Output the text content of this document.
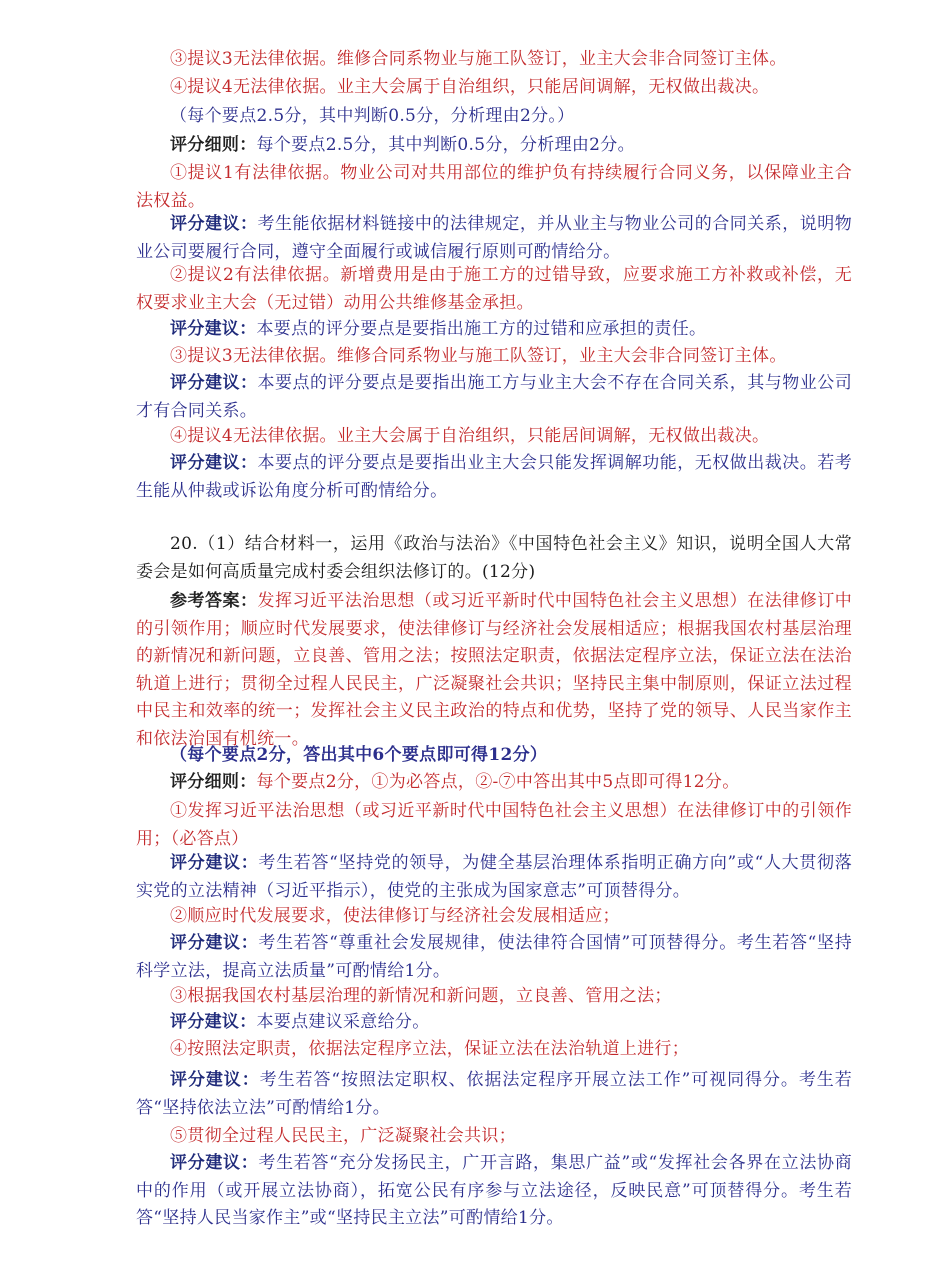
③提议3无法律依据。维修合同系物业与施工队签订，业主大会非合同签订主体。

④提议4无法律依据。业主大会属于自治组织，只能居间调解，无权做出裁决。

（每个要点2.5分，其中判断0.5分，分析理由2分。）

评分细则：每个要点2.5分，其中判断0.5分，分析理由2分。

①提议1有法律依据。物业公司对共用部位的维护负有持续履行合同义务，以保障业主合法权益。

评分建议：考生能依据材料链接中的法律规定，并从业主与物业公司的合同关系，说明物业公司要履行合同，遵守全面履行或诚信履行原则可酌情给分。

②提议2有法律依据。新增费用是由于施工方的过错导致，应要求施工方补救或补偿，无权要求业主大会（无过错）动用公共维修基金承担。

评分建议：本要点的评分要点是要指出施工方的过错和应承担的责任。

③提议3无法律依据。维修合同系物业与施工队签订，业主大会非合同签订主体。

评分建议：本要点的评分要点是要指出施工方与业主大会不存在合同关系，其与物业公司才有合同关系。

④提议4无法律依据。业主大会属于自治组织，只能居间调解，无权做出裁决。

评分建议：本要点的评分要点是要指出业主大会只能发挥调解功能，无权做出裁决。若考生能从仲裁或诉讼角度分析可酌情给分。

20.（1）结合材料一，运用《政治与法治》《中国特色社会主义》知识，说明全国人大常委会是如何高质量完成村委会组织法修订的。(12分)

参考答案：发挥习近平法治思想（或习近平新时代中国特色社会主义思想）在法律修订中的引领作用；顺应时代发展要求，使法律修订与经济社会发展相适应；根据我国农村基层治理的新情况和新问题，立良善、管用之法；按照法定职责，依据法定程序立法，保证立法在法治轨道上进行；贯彻全过程人民民主，广泛凝聚社会共识；坚持民主集中制原则，保证立法过程中民主和效率的统一；发挥社会主义民主政治的特点和优势，坚持了党的领导、人民当家作主和依法治国有机统一。

（每个要点2分，答出其中6个要点即可得12分）

评分细则：每个要点2分，①为必答点，②-⑦中答出其中5点即可得12分。

①发挥习近平法治思想（或习近平新时代中国特色社会主义思想）在法律修订中的引领作用；（必答点）

评分建议：考生若答“坚持党的领导，为健全基层治理体系指明正确方向”或“人大贯彻落实党的立法精神（习近平指示），使党的主张成为国家意志”可顶替得分。

②顺应时代发展要求，使法律修订与经济社会发展相适应；

评分建议：考生若答“尊重社会发展规律，使法律符合国情”可顶替得分。考生若答“坚持科学立法，提高立法质量”可酌情给1分。

③根据我国农村基层治理的新情况和新问题，立良善、管用之法；

评分建议：本要点建议采意给分。

④按照法定职责，依据法定程序立法，保证立法在法治轨道上进行；

评分建议：考生若答“按照法定职权、依据法定程序开展立法工作”可视同得分。考生若答“坚持依法立法”可酌情给1分。

⑤贯彻全过程人民民主，广泛凝聚社会共识；

评分建议：考生若答“充分发扬民主，广开言路，集思广益”或“发挥社会各界在立法协商中的作用（或开展立法协商），拓宽公民有序参与立法途径，反映民意”可顶替得分。考生若答“坚持人民当家作主”或“坚持民主立法”可酌情给1分。
